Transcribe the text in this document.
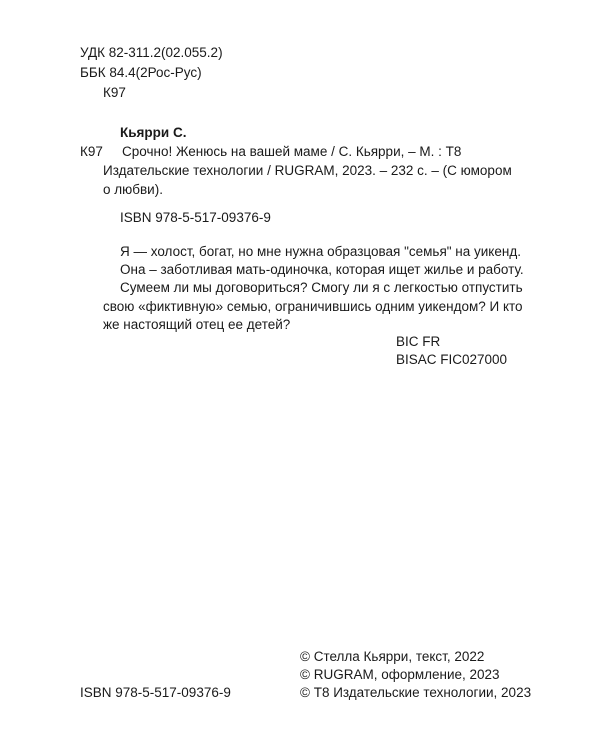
УДК 82-311.2(02.055.2)
ББК 84.4(2Рос-Рус)
К97
Кьярри С.
К97 Срочно! Женюсь на вашей маме / С. Кьярри, – М. : Т8
Издательские технологии / RUGRAM, 2023. – 232 с. – (С юмором
о любви).
ISBN 978-5-517-09376-9
Я — холост, богат, но мне нужна образцовая "семья" на уикенд.
Она – заботливая мать-одиночка, которая ищет жилье и работу.
Сумеем ли мы договориться? Смогу ли я с легкостью отпустить
свою «фиктивную» семью, ограничившись одним уикендом? И кто
же настоящий отец ее детей?
BIC FR
BISAC FIC027000
© Стелла Кьярри, текст, 2022
© RUGRAM, оформление, 2023
© Т8 Издательские технологии, 2023
ISBN 978-5-517-09376-9
